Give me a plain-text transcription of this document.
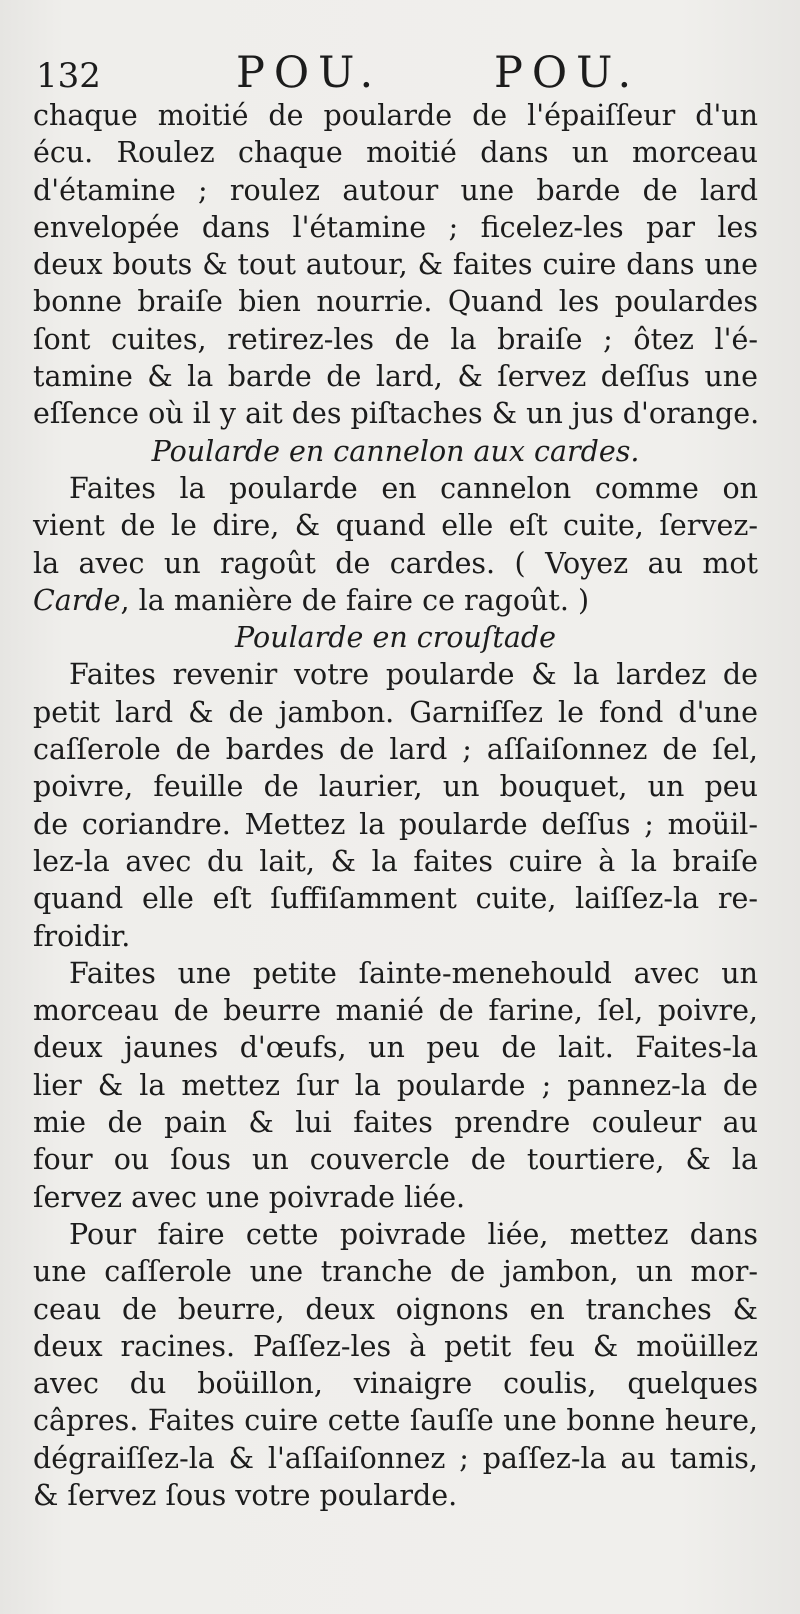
132	POU.	POU.
chaque moitié de poularde de l'épaiſſeur d'un
écu. Roulez chaque moitié dans un morceau
d'étamine ; roulez autour une barde de lard
envelopée dans l'étamine ; ficelez-les par les
deux bouts & tout autour, & faites cuire dans une
bonne braiſe bien nourrie. Quand les poulardes
ſont cuites, retirez-les de la braiſe ; ôtez l'é-
tamine & la barde de lard, & ſervez deſſus une
eſſence où il y ait des piſtaches & un jus d'orange.
Poularde en cannelon aux cardes.
Faites la poularde en cannelon comme on
vient de le dire, & quand elle eſt cuite, ſervez-
la avec un ragoût de cardes. ( Voyez au mot
Carde, la manière de faire ce ragoût. )
Poularde en crouſtade
Faites revenir votre poularde & la lardez de
petit lard & de jambon. Garniſſez le fond d'une
caſſerole de bardes de lard ; aſſaiſonnez de ſel,
poivre, feuille de laurier, un bouquet, un peu
de coriandre. Mettez la poularde deſſus ; moüil-
lez-la avec du lait, & la faites cuire à la braiſe
quand elle eſt ſuffiſamment cuite, laiſſez-la re-
froidir.
Faites une petite ſainte-menehould avec un
morceau de beurre manié de farine, ſel, poivre,
deux jaunes d'œufs, un peu de lait. Faites-la
lier & la mettez ſur la poularde ; pannez-la de
mie de pain & lui faites prendre couleur au
four ou ſous un couvercle de tourtiere, & la
ſervez avec une poivrade liée.
Pour faire cette poivrade liée, mettez dans
une caſſerole une tranche de jambon, un mor-
ceau de beurre, deux oignons en tranches &
deux racines. Paſſez-les à petit feu & moüillez
avec du boüillon, vinaigre coulis, quelques
câpres. Faites cuire cette ſauſſe une bonne heure,
dégraiſſez-la & l'aſſaiſonnez ; paſſez-la au tamis,
& ſervez ſous votre poularde.
